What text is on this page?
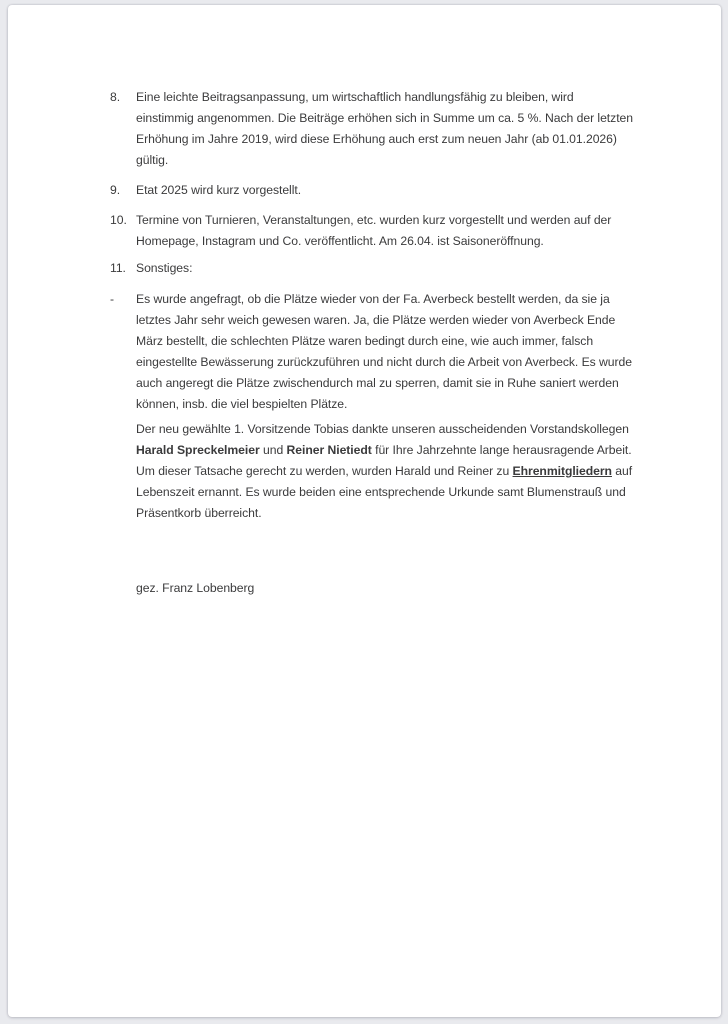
8.	Eine leichte Beitragsanpassung, um wirtschaftlich handlungsfähig zu bleiben, wird einstimmig angenommen. Die Beiträge erhöhen sich in Summe um ca. 5 %. Nach der letzten Erhöhung im Jahre 2019, wird diese Erhöhung auch erst zum neuen Jahr (ab 01.01.2026) gültig.
9.	Etat 2025 wird kurz vorgestellt.
10. Termine von Turnieren, Veranstaltungen, etc. wurden kurz vorgestellt und werden auf der Homepage, Instagram und Co. veröffentlicht. Am 26.04. ist Saisoneröffnung.
11. Sonstiges:
-	Es wurde angefragt, ob die Plätze wieder von der Fa. Averbeck bestellt werden, da sie ja letztes Jahr sehr weich gewesen waren. Ja, die Plätze werden wieder von Averbeck Ende März bestellt, die schlechten Plätze waren bedingt durch eine, wie auch immer, falsch eingestellte Bewässerung zurückzuführen und nicht durch die Arbeit von Averbeck. Es wurde auch angeregt die Plätze zwischendurch mal zu sperren, damit sie in Ruhe saniert werden können, insb. die viel bespielten Plätze.

Der neu gewählte 1. Vorsitzende Tobias dankte unseren ausscheidenden Vorstandskollegen Harald Spreckelmeier und Reiner Nietiedt für Ihre Jahrzehnte lange herausragende Arbeit. Um dieser Tatsache gerecht zu werden, wurden Harald und Reiner zu Ehrenmitgliedern auf Lebenszeit ernannt. Es wurde beiden eine entsprechende Urkunde samt Blumenstrauß und Präsentkorb überreicht.

gez. Franz Lobenberg
